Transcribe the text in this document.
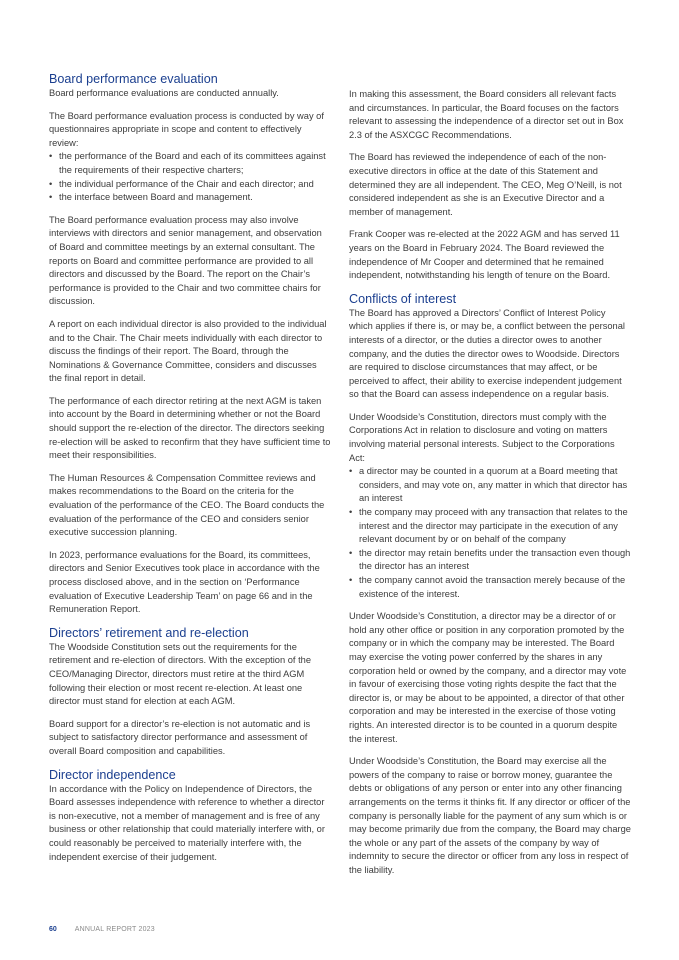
Board performance evaluation

Board performance evaluations are conducted annually.

The Board performance evaluation process is conducted by way of questionnaires appropriate in scope and content to effectively review:

• the performance of the Board and each of its committees against the requirements of their respective charters;
• the individual performance of the Chair and each director; and
• the interface between Board and management.

The Board performance evaluation process may also involve interviews with directors and senior management, and observation of Board and committee meetings by an external consultant. The reports on Board and committee performance are provided to all directors and discussed by the Board. The report on the Chair’s performance is provided to the Chair and two committee chairs for discussion.

A report on each individual director is also provided to the individual and to the Chair. The Chair meets individually with each director to discuss the findings of their report. The Board, through the Nominations & Governance Committee, considers and discusses the final report in detail.

The performance of each director retiring at the next AGM is taken into account by the Board in determining whether or not the Board should support the re-election of the director. The directors seeking re-election will be asked to reconfirm that they have sufficient time to meet their responsibilities.

The Human Resources & Compensation Committee reviews and makes recommendations to the Board on the criteria for the evaluation of the performance of the CEO. The Board conducts the evaluation of the performance of the CEO and considers senior executive succession planning.

In 2023, performance evaluations for the Board, its committees, directors and Senior Executives took place in accordance with the process disclosed above, and in the section on ‘Performance evaluation of Executive Leadership Team’ on page 66 and in the Remuneration Report.

Directors’ retirement and re-election

The Woodside Constitution sets out the requirements for the retirement and re-election of directors. With the exception of the CEO/Managing Director, directors must retire at the third AGM following their election or most recent re-election. At least one director must stand for election at each AGM.

Board support for a director’s re-election is not automatic and is subject to satisfactory director performance and assessment of overall Board composition and capabilities.

Director independence

In accordance with the Policy on Independence of Directors, the Board assesses independence with reference to whether a director is non-executive, not a member of management and is free of any business or other relationship that could materially interfere with, or could reasonably be perceived to materially interfere with, the independent exercise of their judgement.

In making this assessment, the Board considers all relevant facts and circumstances. In particular, the Board focuses on the factors relevant to assessing the independence of a director set out in Box 2.3 of the ASXCGC Recommendations.

The Board has reviewed the independence of each of the non-executive directors in office at the date of this Statement and determined they are all independent. The CEO, Meg O’Neill, is not considered independent as she is an Executive Director and a member of management.

Frank Cooper was re-elected at the 2022 AGM and has served 11 years on the Board in February 2024. The Board reviewed the independence of Mr Cooper and determined that he remained independent, notwithstanding his length of tenure on the Board.

Conflicts of interest

The Board has approved a Directors’ Conflict of Interest Policy which applies if there is, or may be, a conflict between the personal interests of a director, or the duties a director owes to another company, and the duties the director owes to Woodside. Directors are required to disclose circumstances that may affect, or be perceived to affect, their ability to exercise independent judgement so that the Board can assess independence on a regular basis.

Under Woodside’s Constitution, directors must comply with the Corporations Act in relation to disclosure and voting on matters involving material personal interests. Subject to the Corporations Act:

• a director may be counted in a quorum at a Board meeting that considers, and may vote on, any matter in which that director has an interest
• the company may proceed with any transaction that relates to the interest and the director may participate in the execution of any relevant document by or on behalf of the company
• the director may retain benefits under the transaction even though the director has an interest
• the company cannot avoid the transaction merely because of the existence of the interest.

Under Woodside’s Constitution, a director may be a director of or hold any other office or position in any corporation promoted by the company or in which the company may be interested. The Board may exercise the voting power conferred by the shares in any corporation held or owned by the company, and a director may vote in favour of exercising those voting rights despite the fact that the director is, or may be about to be appointed, a director of that other corporation and may be interested in the exercise of those voting rights. An interested director is to be counted in a quorum despite the interest.

Under Woodside’s Constitution, the Board may exercise all the powers of the company to raise or borrow money, guarantee the debts or obligations of any person or enter into any other financing arrangements on the terms it thinks fit. If any director or officer of the company is personally liable for the payment of any sum which is or may become primarily due from the company, the Board may charge the whole or any part of the assets of the company by way of indemnity to secure the director or officer from any loss in respect of the liability.

60	ANNUAL REPORT 2023
